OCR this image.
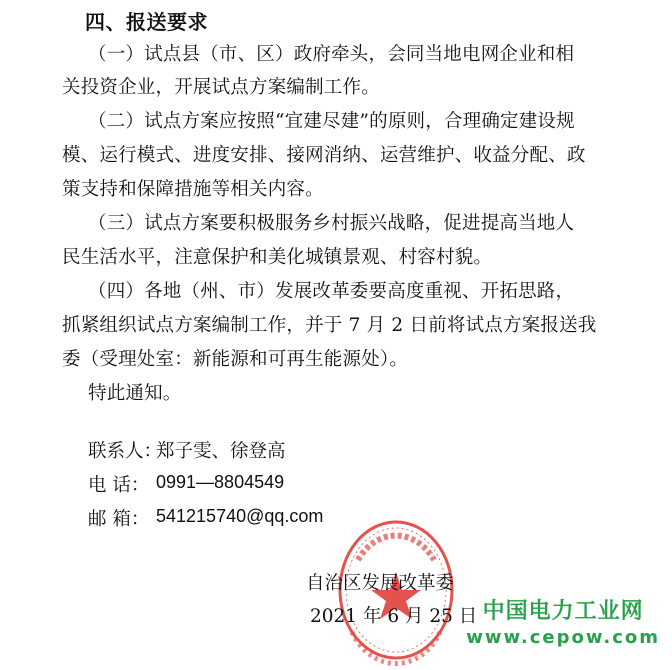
四、报送要求
（一）试点县（市、区）政府牵头，会同当地电网企业和相
关投资企业，开展试点方案编制工作。
（二）试点方案应按照“宜建尽建”的原则，合理确定建设规
模、运行模式、进度安排、接网消纳、运营维护、收益分配、政
策支持和保障措施等相关内容。
（三）试点方案要积极服务乡村振兴战略，促进提高当地人
民生活水平，注意保护和美化城镇景观、村容村貌。
（四）各地（州、市）发展改革委要高度重视、开拓思路，
抓紧组织试点方案编制工作，并于 7 月 2 日前将试点方案报送我
委（受理处室：新能源和可再生能源处）。
特此通知。
联系人：
郑子雯、徐登高
电 话： 0991—8804549
邮 箱： 541215740@qq.com
自治区发展改革委
2021 年 6 月 25 日 中国电力工业网
www.cepow.com
